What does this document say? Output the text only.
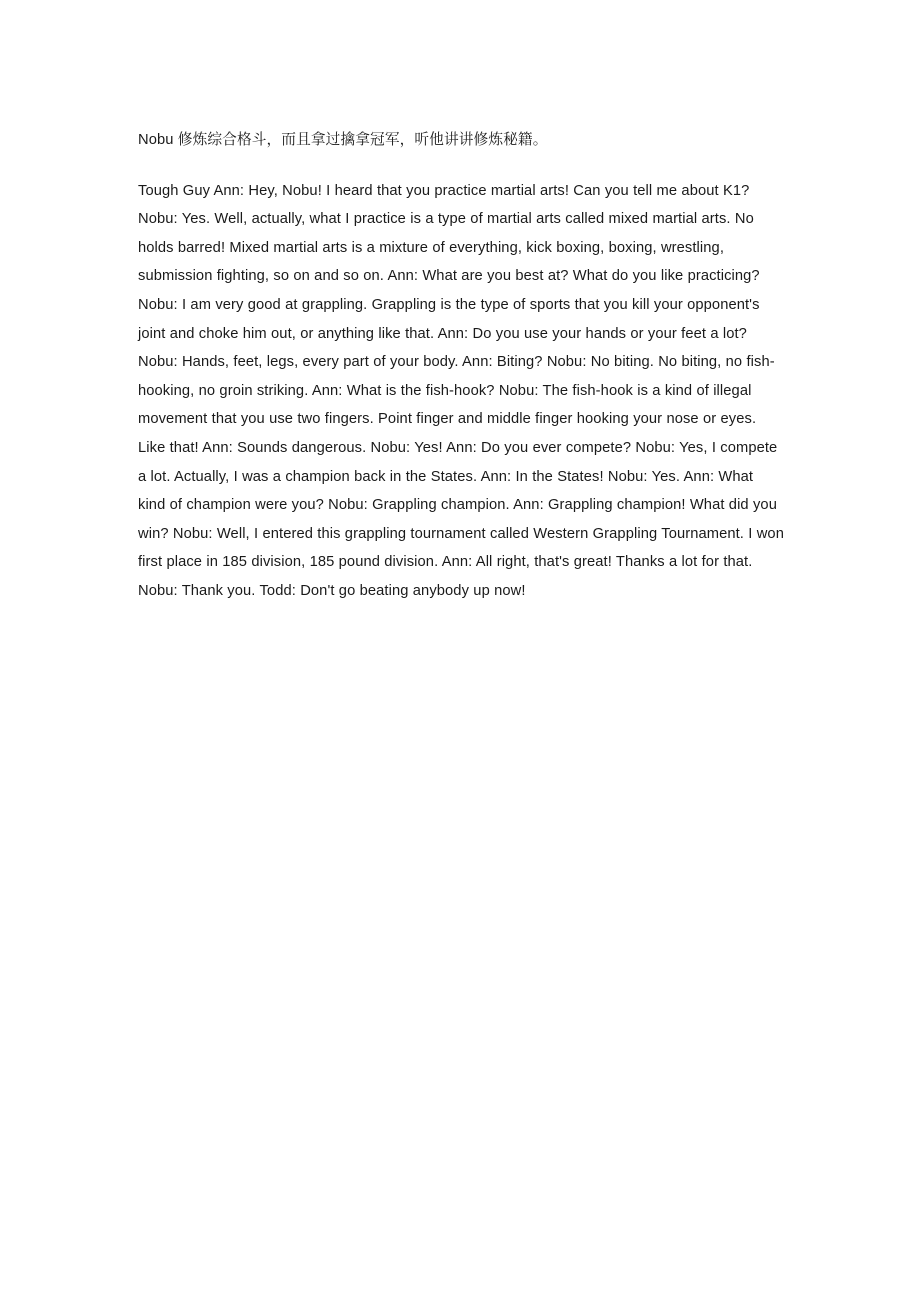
Nobu 修炼综合格斗，而且拿过擒拿冠军，听他讲讲修炼秘籍。

Tough Guy Ann: Hey, Nobu! I heard that you practice martial arts! Can you tell me about K1? Nobu: Yes. Well, actually, what I practice is a type of martial arts called mixed martial arts. No holds barred! Mixed martial arts is a mixture of everything, kick boxing, boxing, wrestling, submission fighting, so on and so on. Ann: What are you best at? What do you like practicing? Nobu: I am very good at grappling. Grappling is the type of sports that you kill your opponent's joint and choke him out, or anything like that. Ann: Do you use your hands or your feet a lot? Nobu: Hands, feet, legs, every part of your body. Ann: Biting? Nobu: No biting. No biting, no fish-hooking, no groin striking. Ann: What is the fish-hook? Nobu: The fish-hook is a kind of illegal movement that you use two fingers. Point finger and middle finger hooking your nose or eyes. Like that! Ann: Sounds dangerous. Nobu: Yes! Ann: Do you ever compete? Nobu: Yes, I compete a lot. Actually, I was a champion back in the States. Ann: In the States! Nobu: Yes. Ann: What kind of champion were you? Nobu: Grappling champion. Ann: Grappling champion! What did you win? Nobu: Well, I entered this grappling tournament called Western Grappling Tournament. I won first place in 185 division, 185 pound division. Ann: All right, that's great! Thanks a lot for that. Nobu: Thank you. Todd: Don't go beating anybody up now!
